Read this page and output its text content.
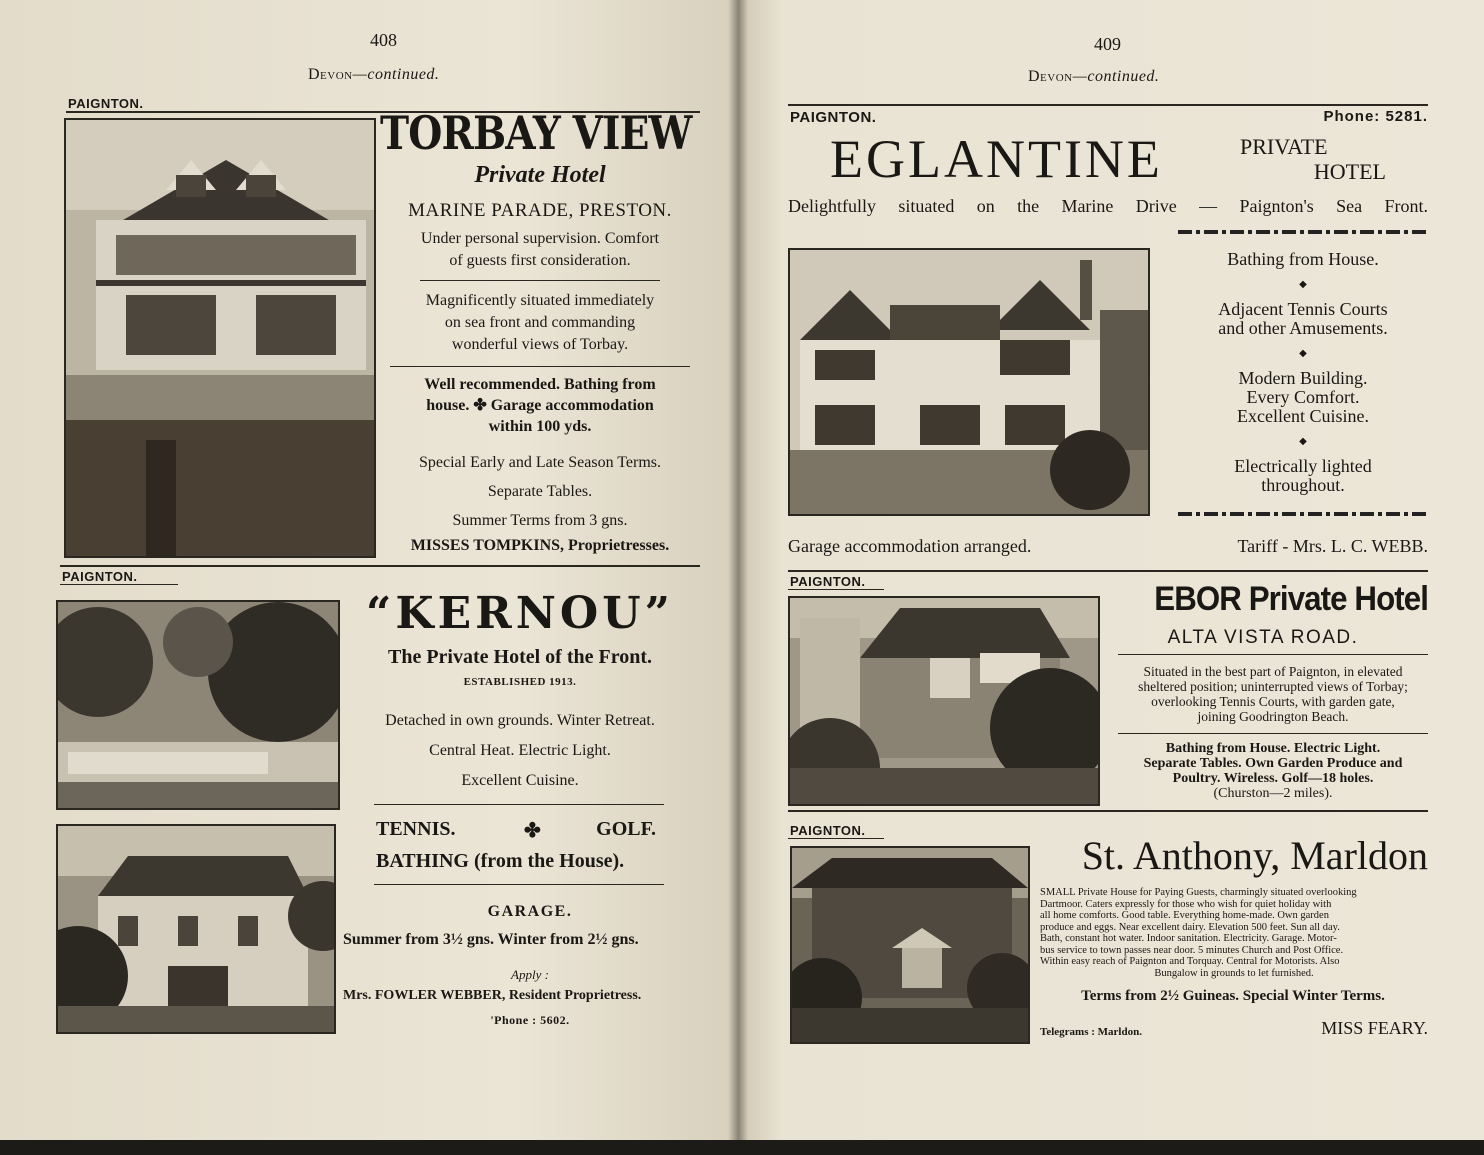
408
Devon—continued.
PAIGNTON.
TORBAY VIEW
Private Hotel
MARINE PARADE, PRESTON.
Under personal supervision. Comfort
of guests first consideration.
Magnificently situated immediately
on sea front and commanding
wonderful views of Torbay.
Well recommended. Bathing from
house. ✤ Garage accommodation
within 100 yds.
Special Early and Late Season Terms.
Separate Tables.
Summer Terms from 3 gns.
MISSES TOMPKINS, Proprietresses.
PAIGNTON.
“KERNOU”
The Private Hotel of the Front.
ESTABLISHED 1913.
Detached in own grounds. Winter Retreat.
Central Heat. Electric Light.
Excellent Cuisine.
TENNIS.	✤	GOLF.
BATHING (from the House).
GARAGE.
Summer from 3½ gns. Winter from 2½ gns.
Apply :
Mrs. FOWLER WEBBER, Resident Proprietress.
'Phone : 5602.
409
Devon—continued.
PAIGNTON.	Phone: 5281.
EGLANTINE	PRIVATE
HOTEL
Delightfully situated on the Marine Drive — Paignton's Sea Front.
Bathing from House.
◆
Adjacent Tennis Courts
and other Amusements.
◆
Modern Building.
Every Comfort.
Excellent Cuisine.
◆
Electrically lighted
throughout.
Garage accommodation arranged.	Tariff - Mrs. L. C. WEBB.
PAIGNTON.	EBOR Private Hotel
ALTA VISTA ROAD.
Situated in the best part of Paignton, in elevated
sheltered position; uninterrupted views of Torbay;
overlooking Tennis Courts, with garden gate,
joining Goodrington Beach.
Bathing from House. Electric Light.
Separate Tables. Own Garden Produce and
Poultry. Wireless. Golf—18 holes.
(Churston—2 miles).
PAIGNTON.
St. Anthony, Marldon
SMALL Private House for Paying Guests, charmingly situated overlooking
Dartmoor. Caters expressly for those who wish for quiet holiday with
all home comforts. Good table. Everything home-made. Own garden
produce and eggs. Near excellent dairy. Elevation 500 feet. Sun all day.
Bath, constant hot water. Indoor sanitation. Electricity. Garage. Motor-
bus service to town passes near door. 5 minutes Church and Post Office.
Within easy reach of Paignton and Torquay. Central for Motorists. Also
Bungalow in grounds to let furnished.
Terms from 2½ Guineas. Special Winter Terms.
Telegrams : Marldon.	MISS FEARY.
